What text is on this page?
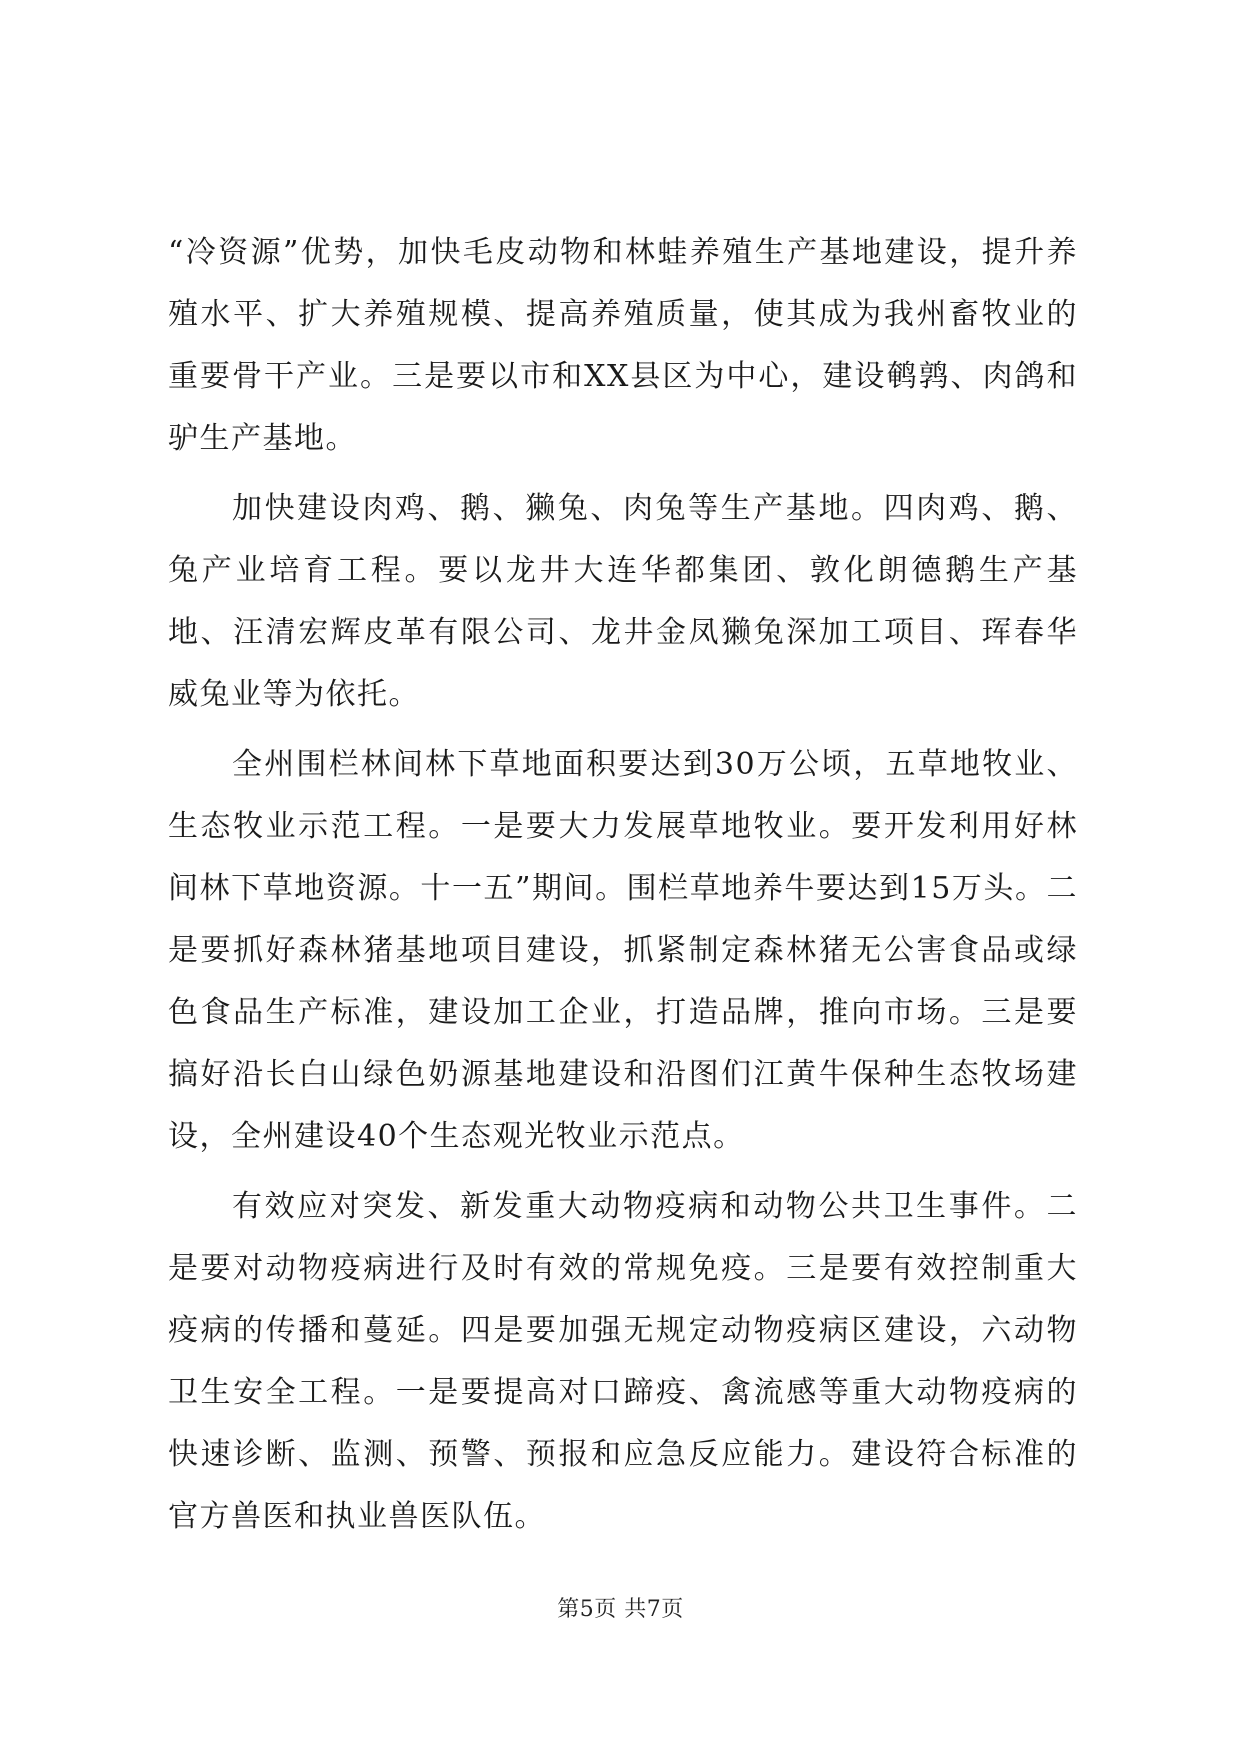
“冷资源”优势，加快毛皮动物和林蛙养殖生产基地建设，提升养殖水平、扩大养殖规模、提高养殖质量，使其成为我州畜牧业的重要骨干产业。三是要以市和XX县区为中心，建设鹌鹑、肉鸽和驴生产基地。

加快建设肉鸡、鹅、獭兔、肉兔等生产基地。四肉鸡、鹅、兔产业培育工程。要以龙井大连华都集团、敦化朗德鹅生产基地、汪清宏辉皮革有限公司、龙井金凤獭兔深加工项目、珲春华威兔业等为依托。

全州围栏林间林下草地面积要达到30万公顷，五草地牧业、生态牧业示范工程。一是要大力发展草地牧业。要开发利用好林间林下草地资源。十一五”期间。围栏草地养牛要达到15万头。二是要抓好森林猪基地项目建设，抓紧制定森林猪无公害食品或绿色食品生产标准，建设加工企业，打造品牌，推向市场。三是要搞好沿长白山绿色奶源基地建设和沿图们江黄牛保种生态牧场建设，全州建设40个生态观光牧业示范点。

有效应对突发、新发重大动物疫病和动物公共卫生事件。二是要对动物疫病进行及时有效的常规免疫。三是要有效控制重大疫病的传播和蔓延。四是要加强无规定动物疫病区建设，六动物卫生安全工程。一是要提高对口蹄疫、禽流感等重大动物疫病的快速诊断、监测、预警、预报和应急反应能力。建设符合标准的官方兽医和执业兽医队伍。

第5页 共7页
